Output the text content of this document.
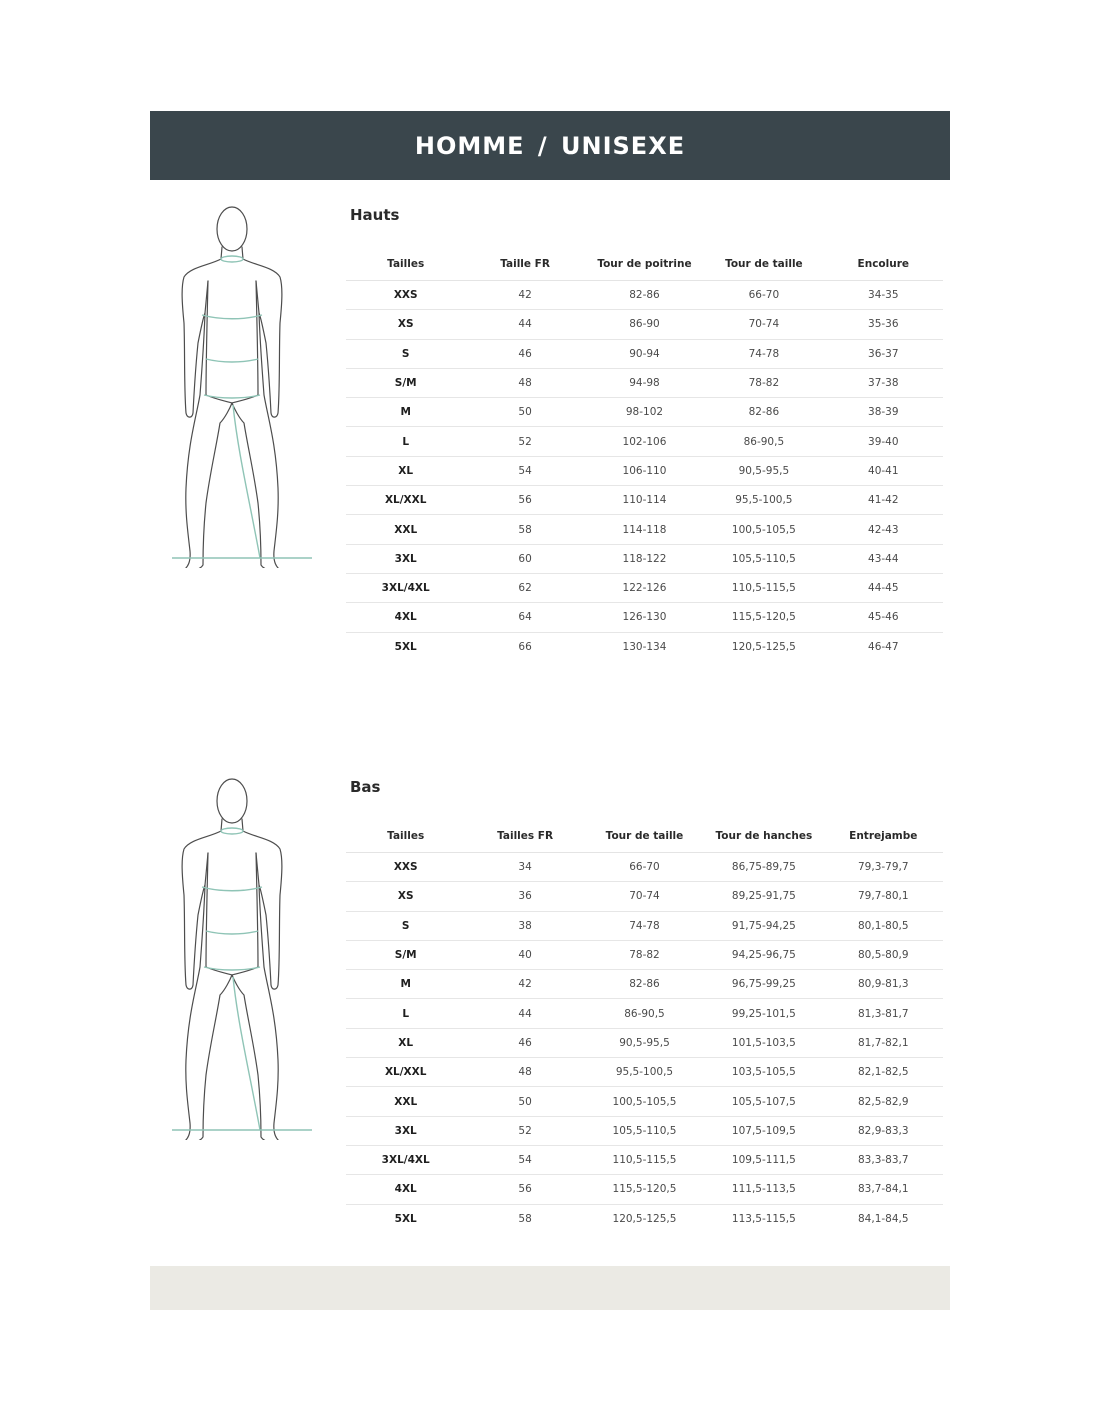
HOMME / UNISEXE
Hauts
Tailles	Taille FR	Tour de poitrine	Tour de taille	Encolure
XXS	42	82-86	66-70	34-35
XS	44	86-90	70-74	35-36
S	46	90-94	74-78	36-37
S/M	48	94-98	78-82	37-38
M	50	98-102	82-86	38-39
L	52	102-106	86-90,5	39-40
XL	54	106-110	90,5-95,5	40-41
XL/XXL	56	110-114	95,5-100,5	41-42
XXL	58	114-118	100,5-105,5	42-43
3XL	60	118-122	105,5-110,5	43-44
3XL/4XL	62	122-126	110,5-115,5	44-45
4XL	64	126-130	115,5-120,5	45-46
5XL	66	130-134	120,5-125,5	46-47
Bas
Tailles	Tailles FR	Tour de taille	Tour de hanches	Entrejambe
XXS	34	66-70	86,75-89,75	79,3-79,7
XS	36	70-74	89,25-91,75	79,7-80,1
S	38	74-78	91,75-94,25	80,1-80,5
S/M	40	78-82	94,25-96,75	80,5-80,9
M	42	82-86	96,75-99,25	80,9-81,3
L	44	86-90,5	99,25-101,5	81,3-81,7
XL	46	90,5-95,5	101,5-103,5	81,7-82,1
XL/XXL	48	95,5-100,5	103,5-105,5	82,1-82,5
XXL	50	100,5-105,5	105,5-107,5	82,5-82,9
3XL	52	105,5-110,5	107,5-109,5	82,9-83,3
3XL/4XL	54	110,5-115,5	109,5-111,5	83,3-83,7
4XL	56	115,5-120,5	111,5-113,5	83,7-84,1
5XL	58	120,5-125,5	113,5-115,5	84,1-84,5
